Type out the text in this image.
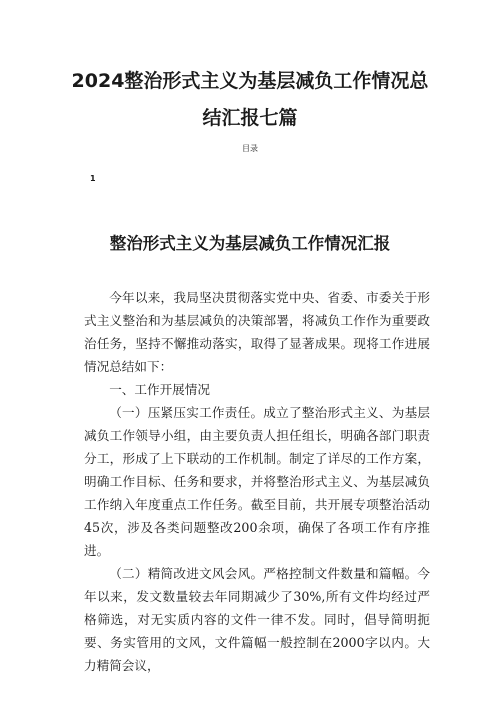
2024整治形式主义为基层减负工作情况总
结汇报七篇
目录
1
整治形式主义为基层减负工作情况汇报

今年以来，我局坚决贯彻落实党中央、省委、市委关于形式主义整治和为基层减负的决策部署，将减负工作作为重要政治任务，坚持不懈推动落实，取得了显著成果。现将工作进展情况总结如下：

一、工作开展情况

（一）压紧压实工作责任。成立了整治形式主义、为基层减负工作领导小组，由主要负责人担任组长，明确各部门职责分工，形成了上下联动的工作机制。制定了详尽的工作方案，明确工作目标、任务和要求，并将整治形式主义、为基层减负工作纳入年度重点工作任务。截至目前，共开展专项整治活动45次，涉及各类问题整改200余项，确保了各项工作有序推进。

（二）精简改进文风会风。严格控制文件数量和篇幅。今年以来，发文数量较去年同期减少了30%,所有文件均经过严格筛选，对无实质内容的文件一律不发。同时，倡导简明扼要、务实管用的文风，文件篇幅一般控制在2000字以内。大力精简会议，
